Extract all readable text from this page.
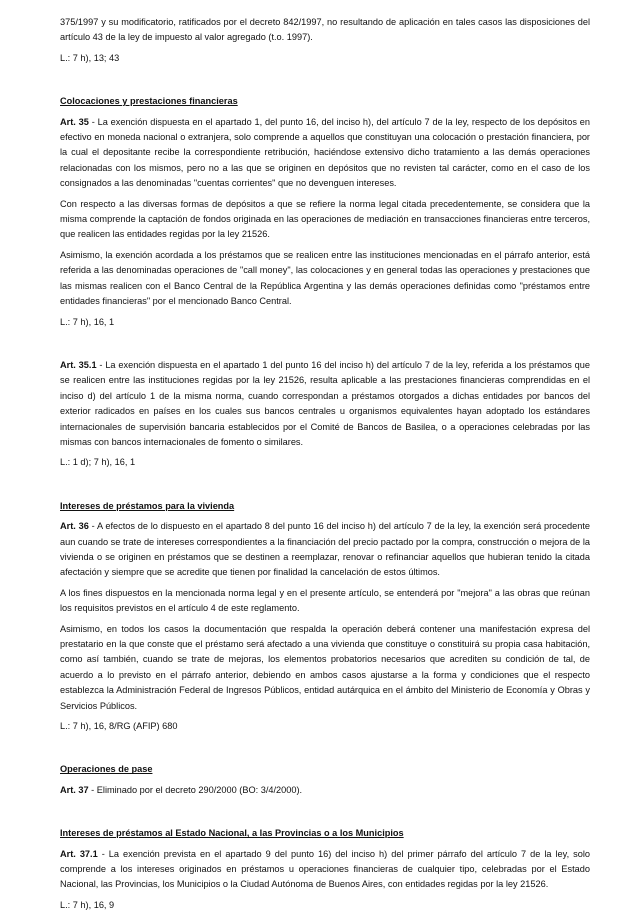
375/1997 y su modificatorio, ratificados por el decreto 842/1997, no resultando de aplicación en tales casos las disposiciones del artículo 43 de la ley de impuesto al valor agregado (t.o. 1997).

L.: 7 h), 13; 43

Colocaciones y prestaciones financieras

Art. 35 - La exención dispuesta en el apartado 1, del punto 16, del inciso h), del artículo 7 de la ley, respecto de los depósitos en efectivo en moneda nacional o extranjera, solo comprende a aquellos que constituyan una colocación o prestación financiera, por la cual el depositante recibe la correspondiente retribución, haciéndose extensivo dicho tratamiento a las demás operaciones relacionadas con los mismos, pero no a las que se originen en depósitos que no revisten tal carácter, como en el caso de los consignados a las denominadas "cuentas corrientes" que no devenguen intereses.

Con respecto a las diversas formas de depósitos a que se refiere la norma legal citada precedentemente, se considera que la misma comprende la captación de fondos originada en las operaciones de mediación en transacciones financieras entre terceros, que realicen las entidades regidas por la ley 21526.

Asimismo, la exención acordada a los préstamos que se realicen entre las instituciones mencionadas en el párrafo anterior, está referida a las denominadas operaciones de "call money", las colocaciones y en general todas las operaciones y prestaciones que las mismas realicen con el Banco Central de la República Argentina y las demás operaciones definidas como "préstamos entre entidades financieras" por el mencionado Banco Central.

L.: 7 h), 16, 1

Art. 35.1 - La exención dispuesta en el apartado 1 del punto 16 del inciso h) del artículo 7 de la ley, referida a los préstamos que se realicen entre las instituciones regidas por la ley 21526, resulta aplicable a las prestaciones financieras comprendidas en el inciso d) del artículo 1 de la misma norma, cuando correspondan a préstamos otorgados a dichas entidades por bancos del exterior radicados en países en los cuales sus bancos centrales u organismos equivalentes hayan adoptado los estándares internacionales de supervisión bancaria establecidos por el Comité de Bancos de Basilea, o a operaciones celebradas por las mismas con bancos internacionales de fomento o similares.

L.: 1 d); 7 h), 16, 1

Intereses de préstamos para la vivienda

Art. 36 - A efectos de lo dispuesto en el apartado 8 del punto 16 del inciso h) del artículo 7 de la ley, la exención será procedente aun cuando se trate de intereses correspondientes a la financiación del precio pactado por la compra, construcción o mejora de la vivienda o se originen en préstamos que se destinen a reemplazar, renovar o refinanciar aquellos que hubieran tenido la citada afectación y siempre que se acredite que tienen por finalidad la cancelación de estos últimos.

A los fines dispuestos en la mencionada norma legal y en el presente artículo, se entenderá por "mejora" a las obras que reúnan los requisitos previstos en el artículo 4 de este reglamento.

Asimismo, en todos los casos la documentación que respalda la operación deberá contener una manifestación expresa del prestatario en la que conste que el préstamo será afectado a una vivienda que constituye o constituirá su propia casa habitación, como así también, cuando se trate de mejoras, los elementos probatorios necesarios que acrediten su condición de tal, de acuerdo a lo previsto en el párrafo anterior, debiendo en ambos casos ajustarse a la forma y condiciones que el respecto establezca la Administración Federal de Ingresos Públicos, entidad autárquica en el ámbito del Ministerio de Economía y Obras y Servicios Públicos.

L.: 7 h), 16, 8/RG (AFIP) 680

Operaciones de pase

Art. 37 - Eliminado por el decreto 290/2000 (BO: 3/4/2000).

Intereses de préstamos al Estado Nacional, a las Provincias o a los Municipios

Art. 37.1 - La exención prevista en el apartado 9 del punto 16) del inciso h) del primer párrafo del artículo 7 de la ley, solo comprende a los intereses originados en préstamos u operaciones financieras de cualquier tipo, celebradas por el Estado Nacional, las Provincias, los Municipios o la Ciudad Autónoma de Buenos Aires, con entidades regidas por la ley 21526.

L.: 7 h), 16, 9
